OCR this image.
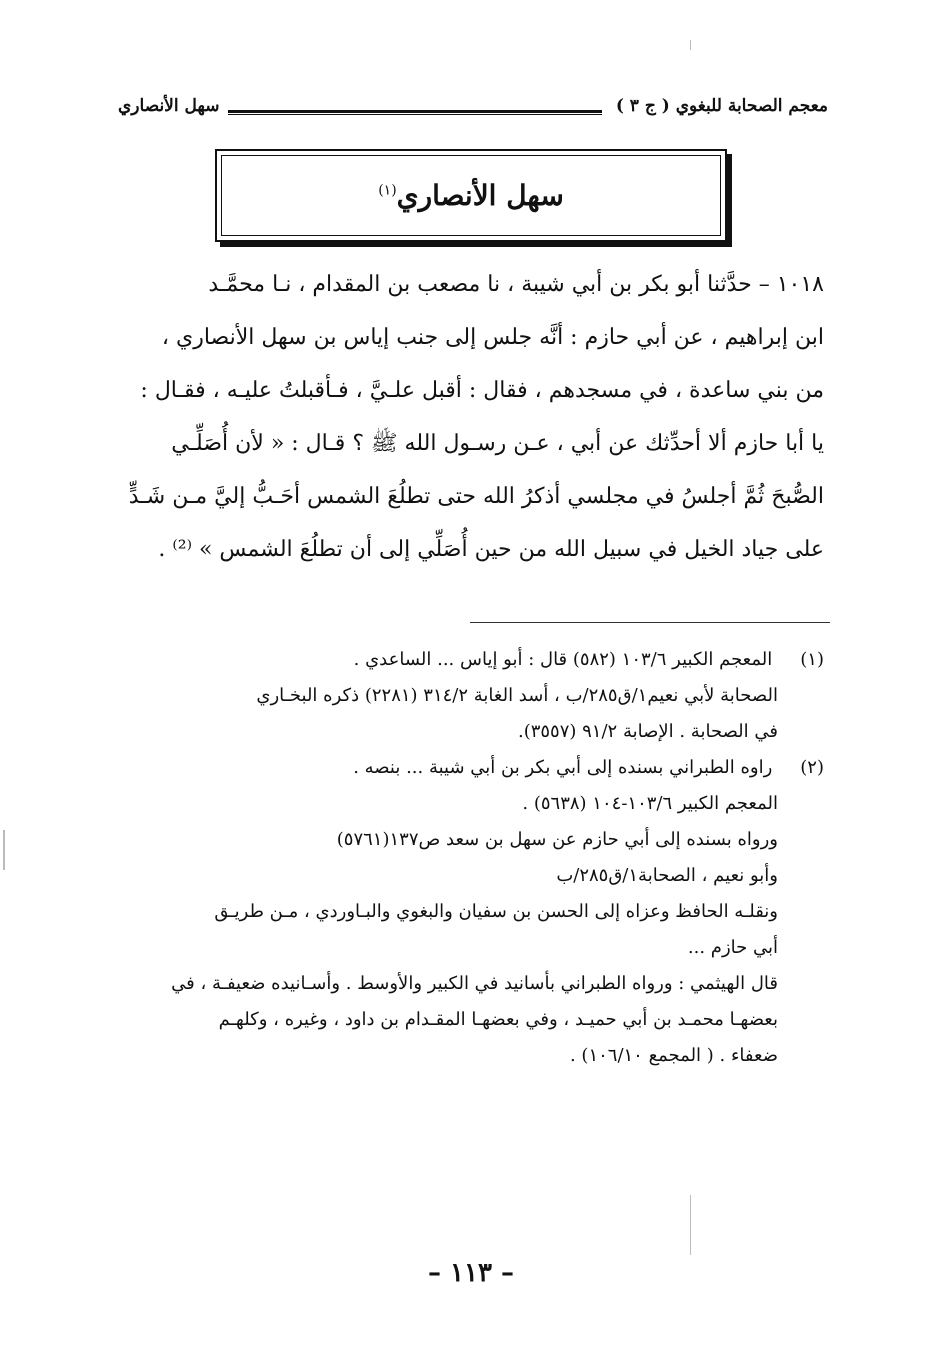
معجم الصحابة للبغوي ( ج ٣ )
سهل الأنصاري
سهل الأنصاري$^{(١)}$
١٠١٨ – حدَّثنا أبو بكر بن أبي شيبة ، نا مصعب بن المقدام ، نـا محمَّـد
ابن إبراهيم ، عن أبي حازم : أنَّه جلس إلى جنب إياس بن سهل الأنصاري ،
من بني ساعدة ، في مسجدهم ، فقال : أقبل علـيَّ ، فـأقبلتُ عليـه ، فقـال :
يا أبا حازم ألا أحدِّثك عن أبي ، عـن رسـول الله ﷺ ؟ قـال : « لأن أُصَلِّـي
الصُّبحَ ثُمَّ أجلسُ في مجلسي أذكرُ الله حتى تطلُعَ الشمس أحَـبُّ إليَّ مـن شَـدٍّ
على جياد الخيل في سبيل الله من حين أُصَلِّي إلى أن تطلُعَ الشمس » ⁽²⁾ .
(١) المعجم الكبير ١٠٣/٦ (٥٨٢) قال : أبو إياس ... الساعدي .
الصحابة لأبي نعيم١/ق٢٨٥/ب ، أسد الغابة ٣١٤/٢ (٢٢٨١) ذكره البخـاري
في الصحابة . الإصابة ٩١/٢ (٣٥٥٧).
(٢) راوه الطبراني بسنده إلى أبي بكر بن أبي شيبة ... بنصه .
المعجم الكبير ١٠٣/٦-١٠٤ (٥٦٣٨) .
ورواه بسنده إلى أبي حازم عن سهل بن سعد ص١٣٧(٥٧٦١)
وأبو نعيم ، الصحابة١/ق٢٨٥/ب
ونقلـه الحافظ وعزاه إلى الحسن بن سفيان والبغوي والبـاوردي ، مـن طريـق
أبي حازم ...
قال الهيثمي : ورواه الطبراني بأسانيد في الكبير والأوسط . وأسـانيده ضعيفـة ، في
بعضهـا محمـد بن أبي حميـد ، وفي بعضهـا المقـدام بن داود ، وغيره ، وكلهـم
ضعفاء . ( المجمع ١٠٦/١٠) .
– ١١٣ –
